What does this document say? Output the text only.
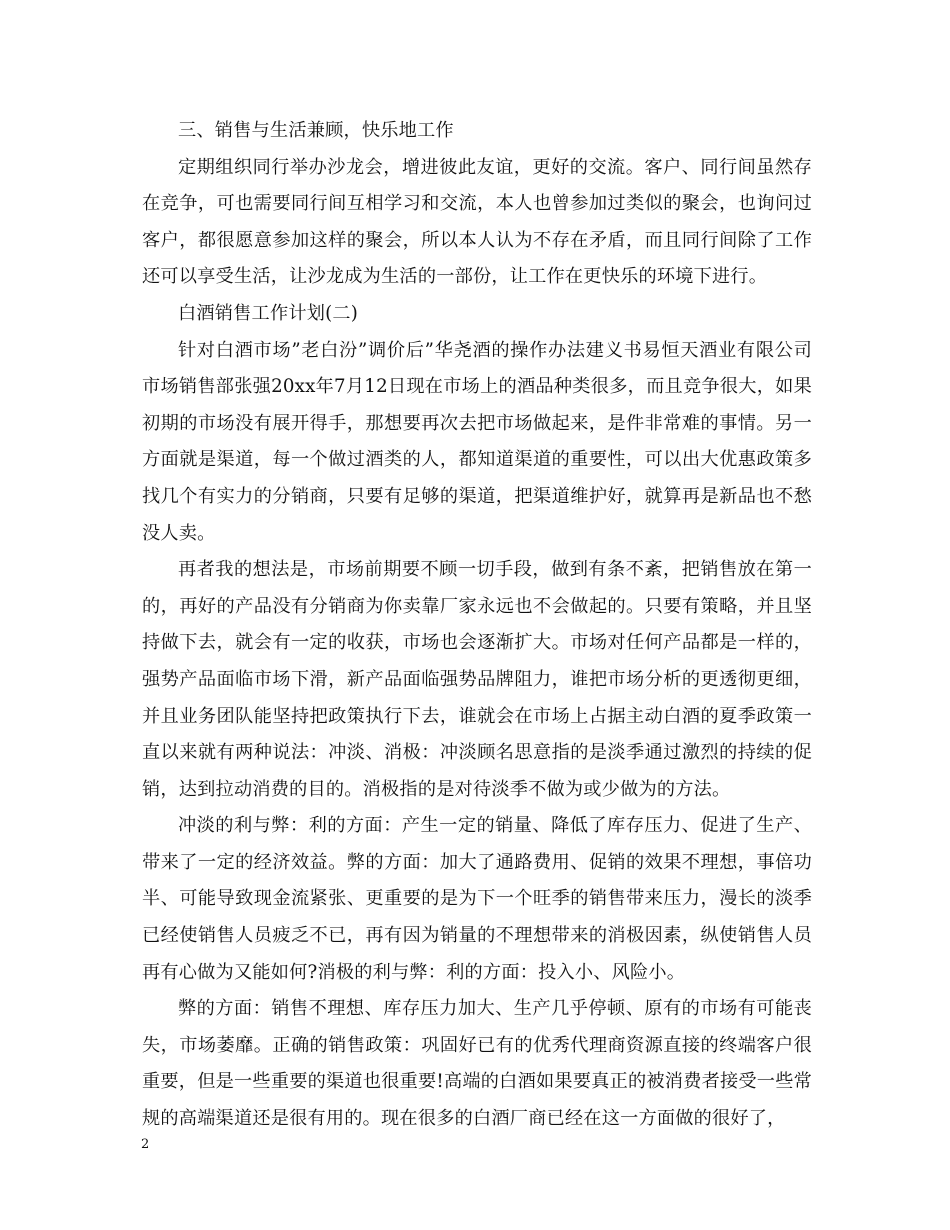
三、销售与生活兼顾，快乐地工作

定期组织同行举办沙龙会，增进彼此友谊，更好的交流。客户、同行间虽然存在竞争，可也需要同行间互相学习和交流，本人也曾参加过类似的聚会，也询问过客户，都很愿意参加这样的聚会，所以本人认为不存在矛盾，而且同行间除了工作还可以享受生活，让沙龙成为生活的一部份，让工作在更快乐的环境下进行。

白酒销售工作计划(二)

针对白酒市场”老白汾”调价后”华尧酒的操作办法建义书易恒天酒业有限公司市场销售部张强20xx年7月12日现在市场上的酒品种类很多，而且竞争很大，如果初期的市场没有展开得手，那想要再次去把市场做起来，是件非常难的事情。另一方面就是渠道，每一个做过酒类的人，都知道渠道的重要性，可以出大优惠政策多找几个有实力的分销商，只要有足够的渠道，把渠道维护好，就算再是新品也不愁没人卖。

再者我的想法是，市场前期要不顾一切手段，做到有条不紊，把销售放在第一的，再好的产品没有分销商为你卖靠厂家永远也不会做起的。只要有策略，并且坚持做下去，就会有一定的收获，市场也会逐渐扩大。市场对任何产品都是一样的，强势产品面临市场下滑，新产品面临强势品牌阻力，谁把市场分析的更透彻更细，并且业务团队能坚持把政策执行下去，谁就会在市场上占据主动白酒的夏季政策一直以来就有两种说法：冲淡、消极：冲淡顾名思意指的是淡季通过激烈的持续的促销，达到拉动消费的目的。消极指的是对待淡季不做为或少做为的方法。

冲淡的利与弊：利的方面：产生一定的销量、降低了库存压力、促进了生产、带来了一定的经济效益。弊的方面：加大了通路费用、促销的效果不理想，事倍功半、可能导致现金流紧张、更重要的是为下一个旺季的销售带来压力，漫长的淡季已经使销售人员疲乏不已，再有因为销量的不理想带来的消极因素，纵使销售人员再有心做为又能如何?消极的利与弊：利的方面：投入小、风险小。

弊的方面：销售不理想、库存压力加大、生产几乎停顿、原有的市场有可能丧失，市场萎靡。正确的销售政策：巩固好已有的优秀代理商资源直接的终端客户很重要，但是一些重要的渠道也很重要!高端的白酒如果要真正的被消费者接受一些常规的高端渠道还是很有用的。现在很多的白酒厂商已经在这一方面做的很好了，

2
